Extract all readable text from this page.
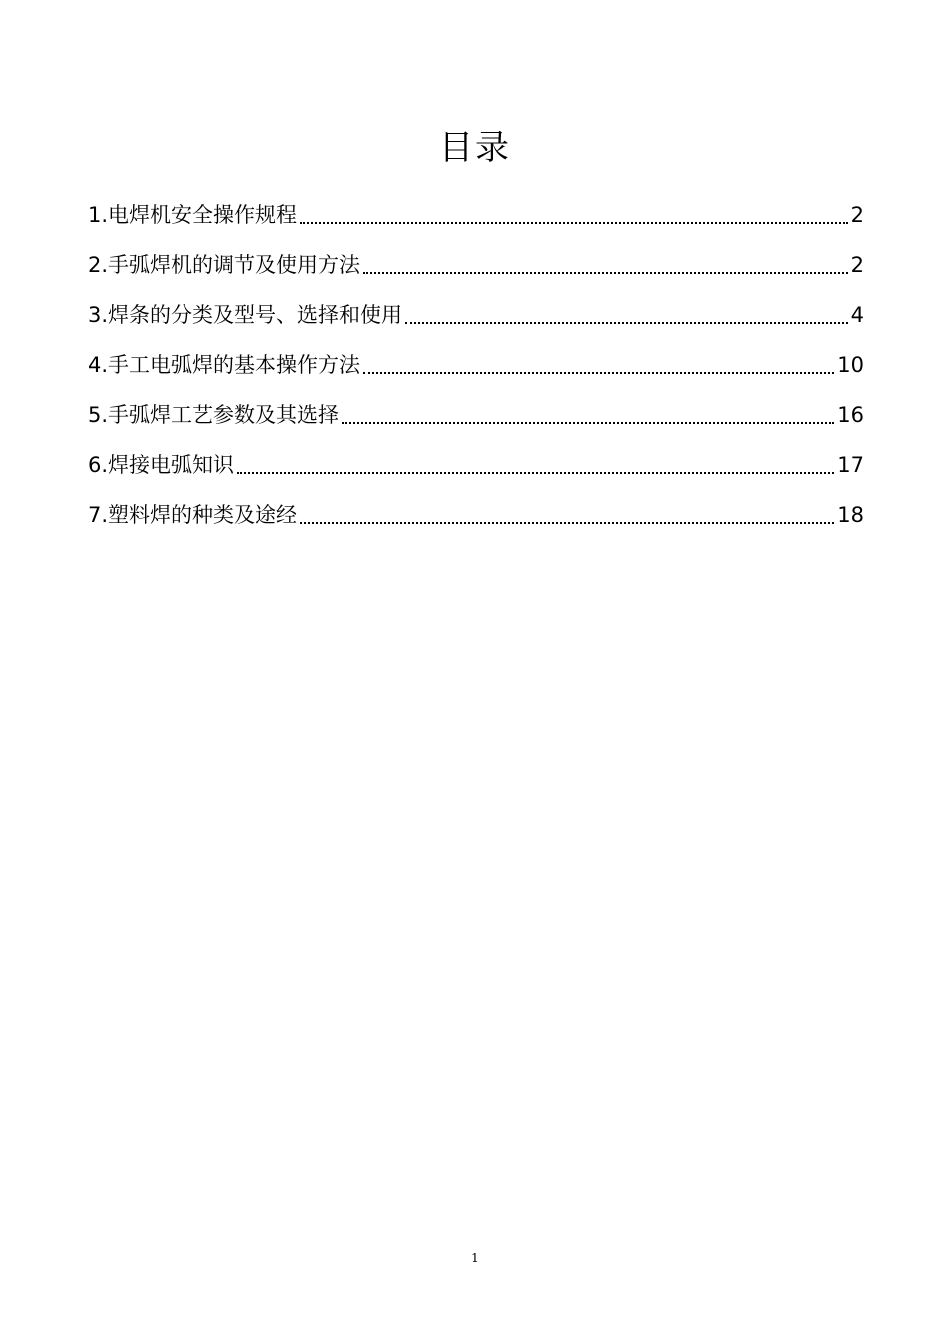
目录
1.电焊机安全操作规程	2
2.手弧焊机的调节及使用方法	2
3.焊条的分类及型号、选择和使用	4
4.手工电弧焊的基本操作方法	10
5.手弧焊工艺参数及其选择	16
6.焊接电弧知识	17
7.塑料焊的种类及途经	18
1
